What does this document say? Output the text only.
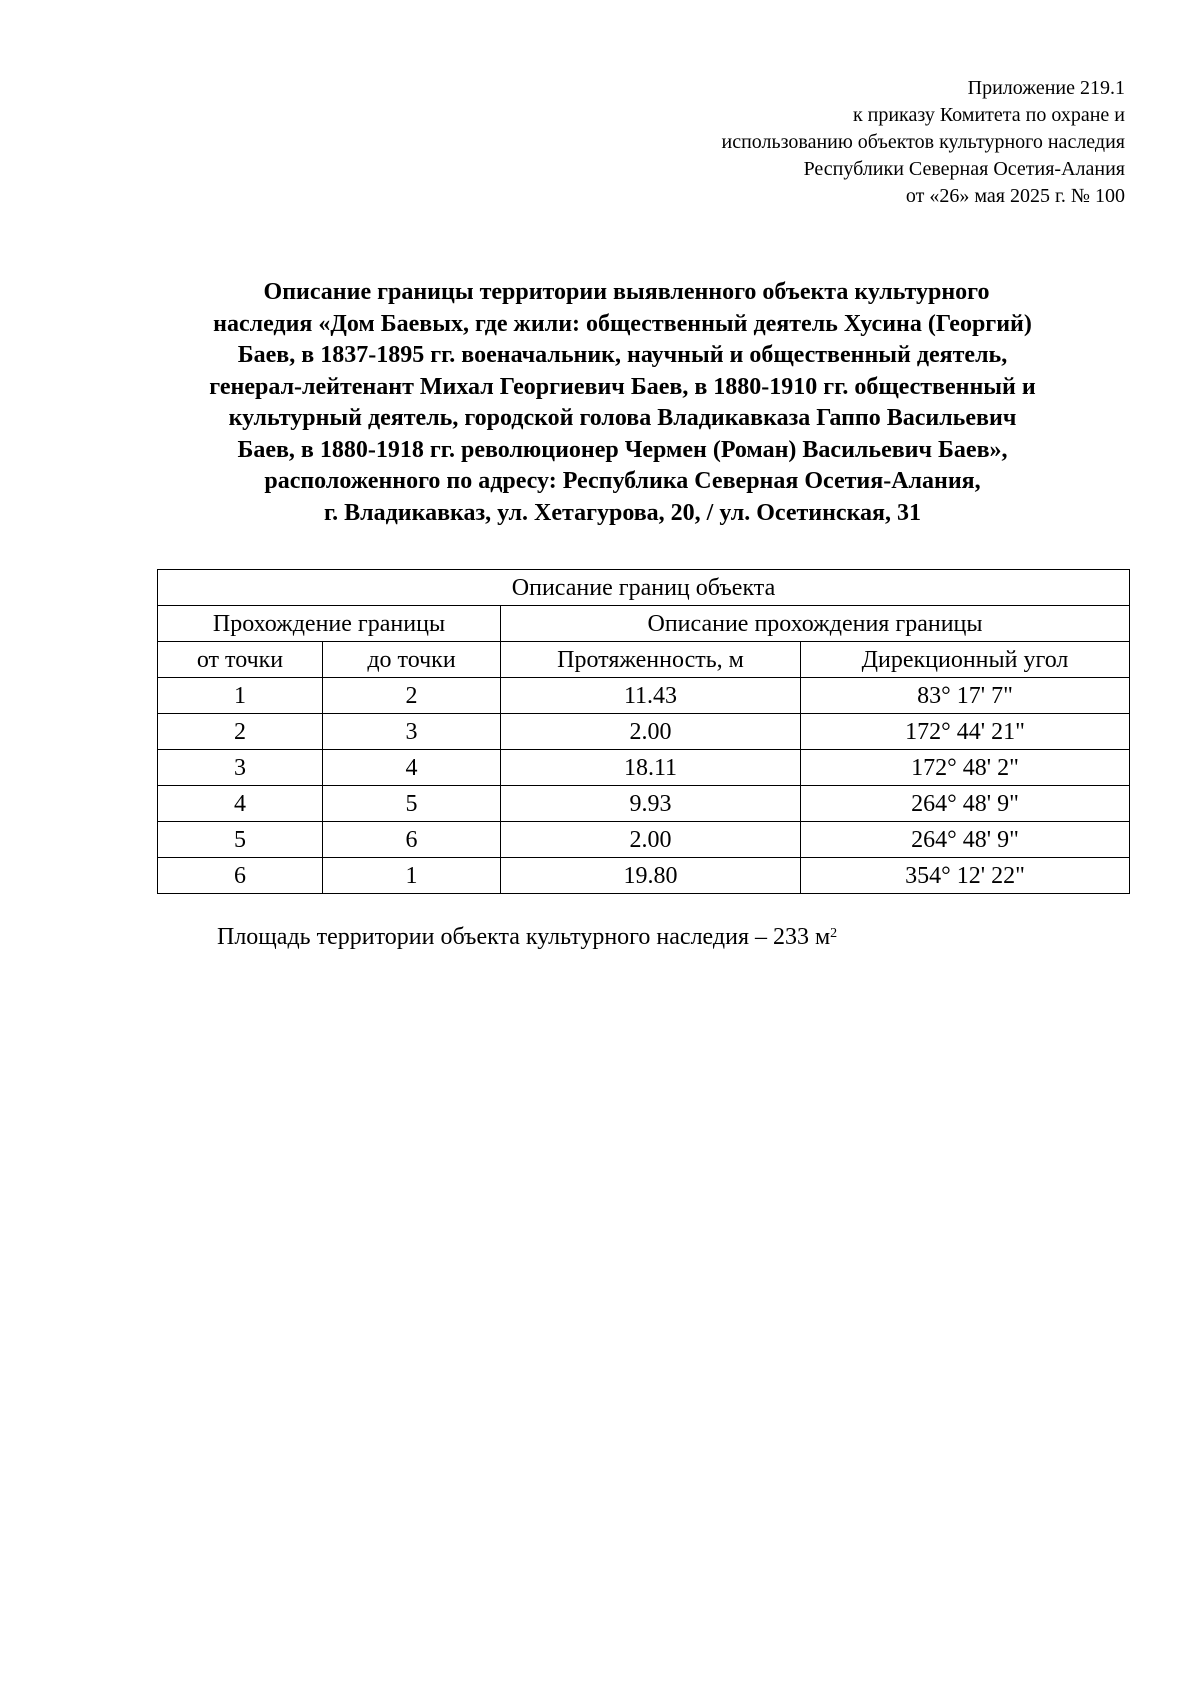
Приложение 219.1
к приказу Комитета по охране и
использованию объектов культурного наследия
Республики Северная Осетия-Алания
от «26» мая 2025 г. № 100
Описание границы территории выявленного объекта культурного
наследия «Дом Баевых, где жили: общественный деятель Хусина (Георгий)
Баев, в 1837-1895 гг. военачальник, научный и общественный деятель,
генерал-лейтенант Михал Георгиевич Баев, в 1880-1910 гг. общественный и
культурный деятель, городской голова Владикавказа Гаппо Васильевич
Баев, в 1880-1918 гг. революционер Чермен (Роман) Васильевич Баев»,
расположенного по адресу: Республика Северная Осетия-Алания,
г. Владикавказ, ул. Хетагурова, 20, / ул. Осетинская, 31
Описание границ объекта			
Прохождение границы		Описание прохождения границы	
от точки	до точки	Протяженность, м	Дирекционный угол
1	2	11.43	83° 17' 7"
2	3	2.00	172° 44' 21"
3	4	18.11	172° 48' 2"
4	5	9.93	264° 48' 9"
5	6	2.00	264° 48' 9"
6	1	19.80	354° 12' 22"
Площадь территории объекта культурного наследия – 233 $м^2$
